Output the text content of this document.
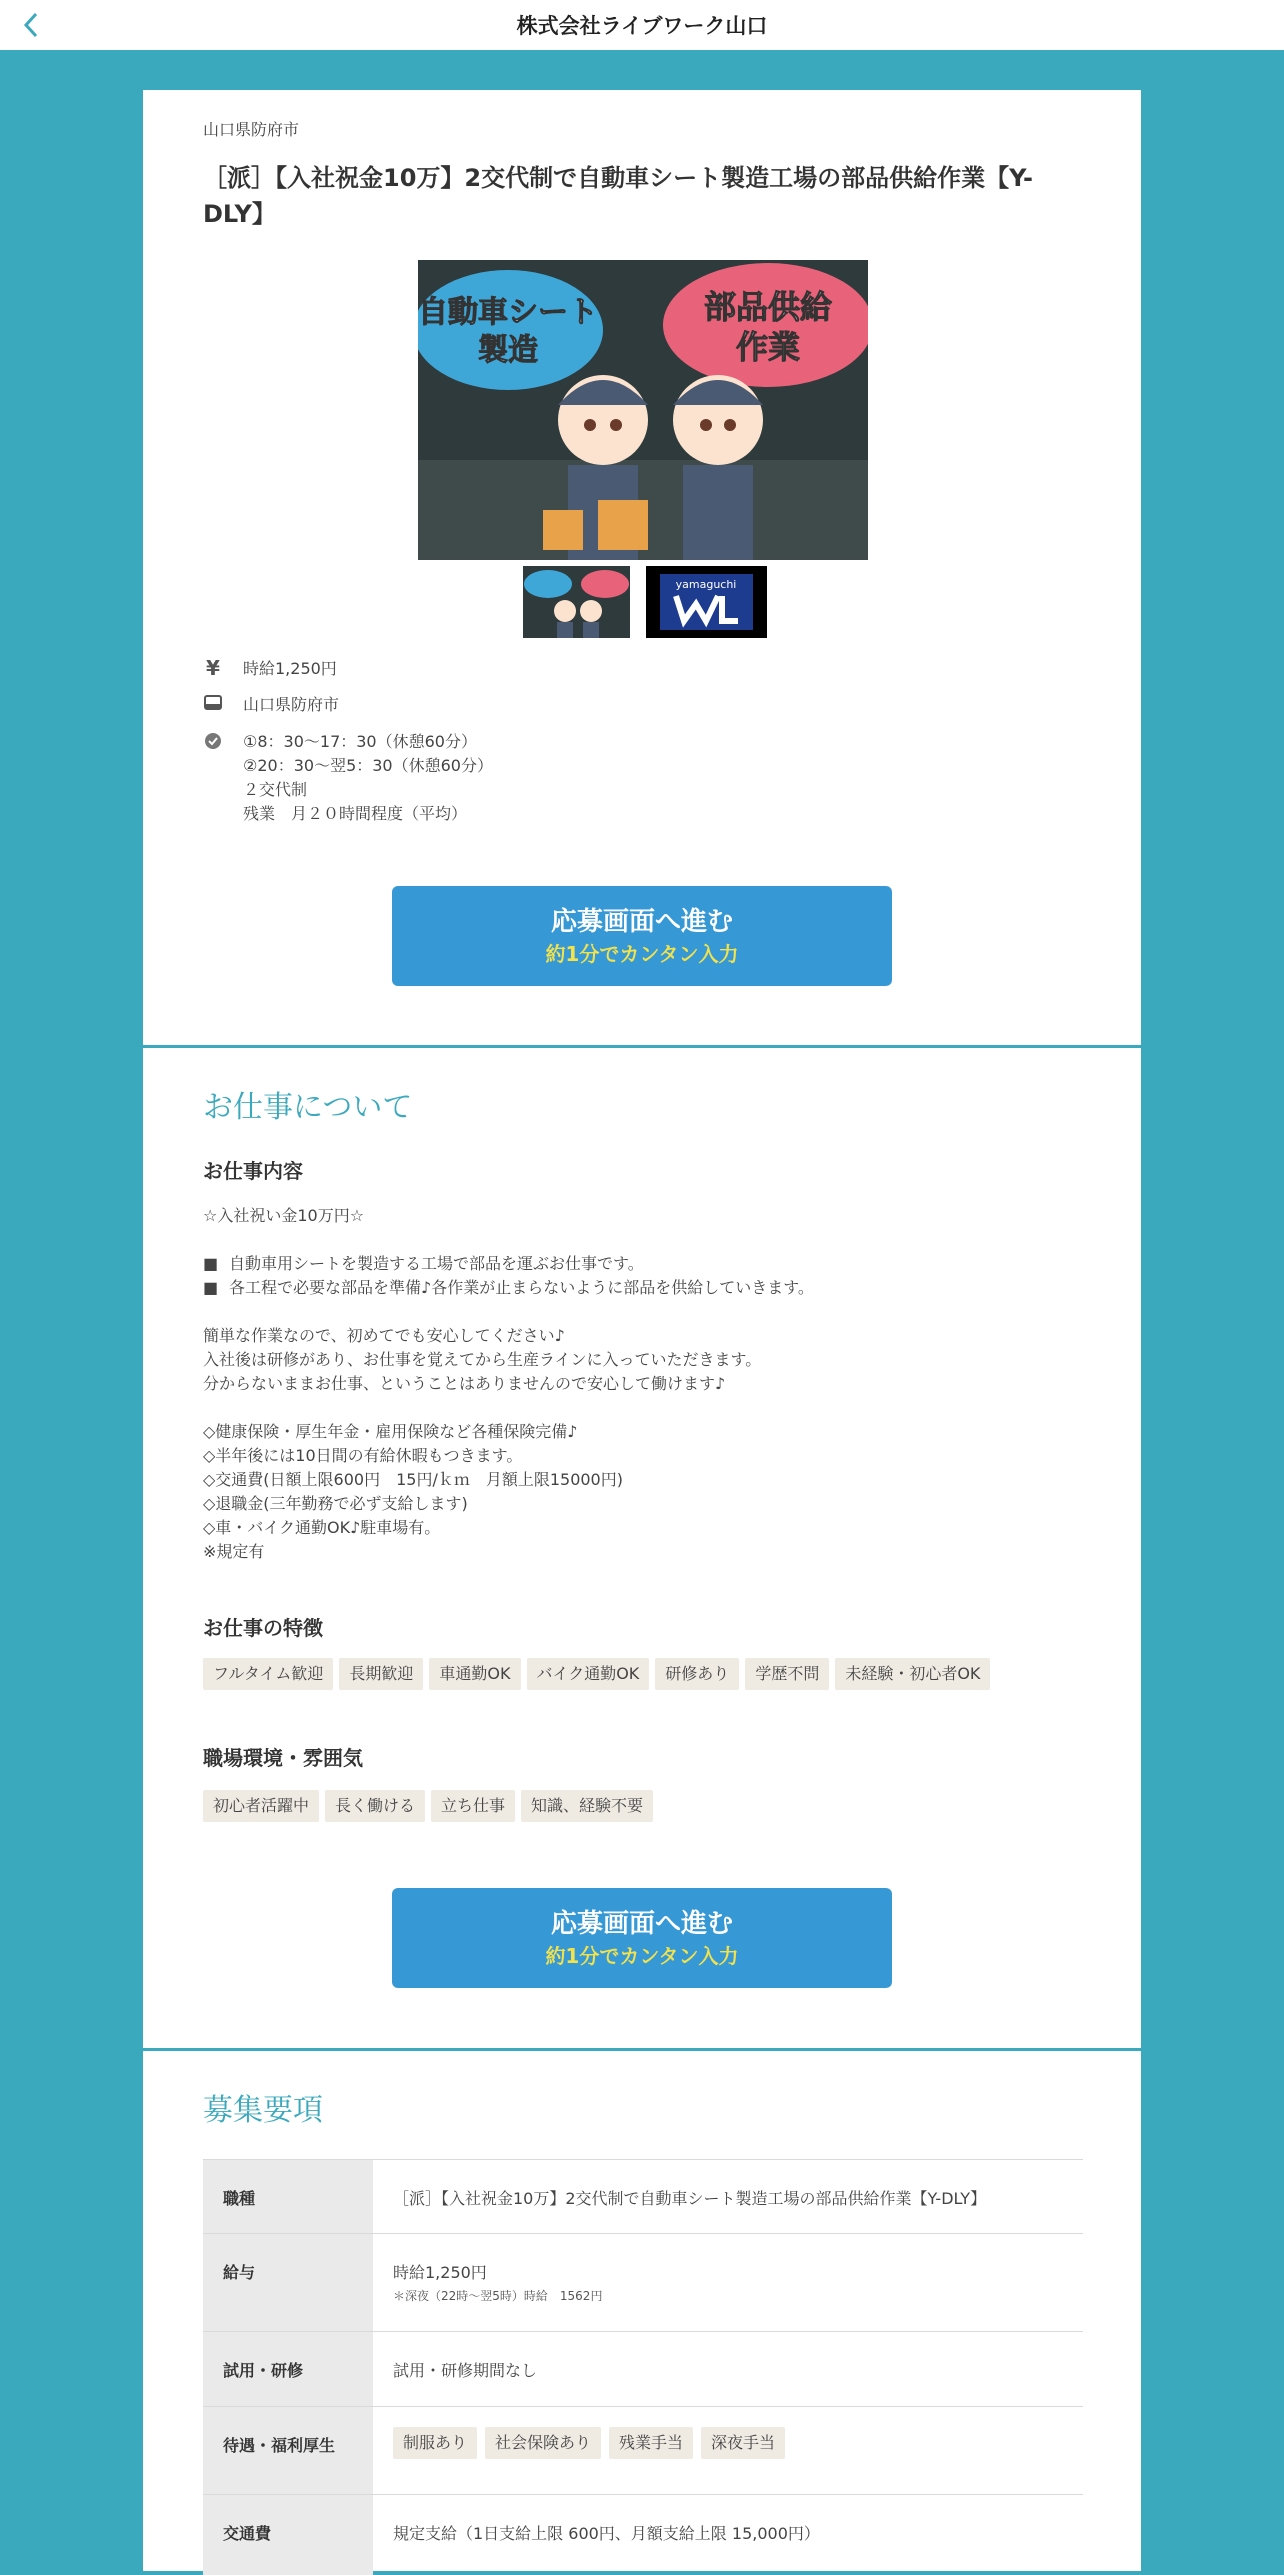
株式会社ライブワーク山口
山口県防府市
［派］【入社祝金10万】2交代制で自動車シート製造工場の部品供給作業【Y-DLY】
自動車シート
製造
部品供給
作業
yamaguchi
¥ 時給1,250円
山口県防府市
①8：30～17：30（休憩60分）
②20：30～翌5：30（休憩60分）
２交代制
残業　月２０時間程度（平均）
応募画面へ進む
約1分でカンタン入力
お仕事について
お仕事内容
☆入社祝い金10万円☆
■ 自動車用シートを製造する工場で部品を運ぶお仕事です。
■ 各工程で必要な部品を準備♪各作業が止まらないように部品を供給していきます。
簡単な作業なので、初めてでも安心してください♪
入社後は研修があり、お仕事を覚えてから生産ラインに入っていただきます。
分からないままお仕事、ということはありませんので安心して働けます♪
◇健康保険・厚生年金・雇用保険など各種保険完備♪
◇半年後には10日間の有給休暇もつきます。
◇交通費(日額上限600円　15円/ｋｍ　月額上限15000円)
◇退職金(三年勤務で必ず支給します)
◇車・バイク通勤OK♪駐車場有。
※規定有
お仕事の特徴
フルタイム歓迎	長期歓迎	車通勤OK	バイク通勤OK	研修あり	学歴不問	未経験・初心者OK
職場環境・雰囲気
初心者活躍中	長く働ける	立ち仕事	知識、経験不要
応募画面へ進む
約1分でカンタン入力
募集要項
職種	［派］【入社祝金10万】2交代制で自動車シート製造工場の部品供給作業【Y-DLY】

給与	時給1,250円
＊深夜（22時～翌5時）時給　1562円

試用・研修	試用・研修期間なし

待遇・福利厚生	制服あり 社会保険あり 残業手当 深夜手当

交通費	規定支給（1日支給上限 600円、月額支給上限 15,000円）
